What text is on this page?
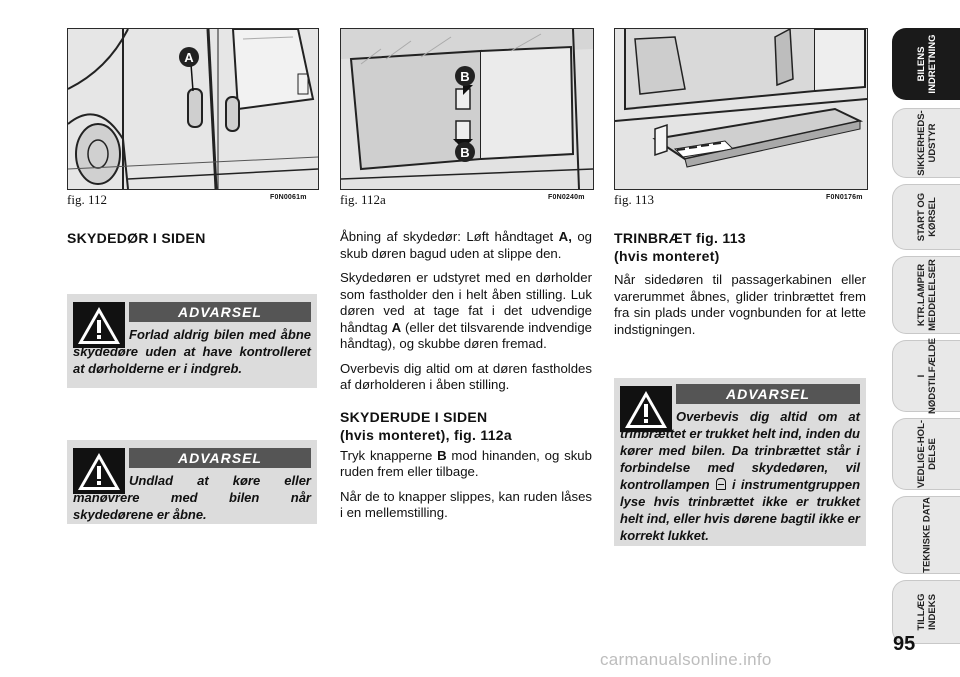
A
fig. 112	F0N0061m
B
B
fig. 112a	F0N0240m fig. 113	F0N0176m
SKYDEDØR I SIDEN
ADVARSEL
Forlad aldrig bilen med åbne skydedøre uden at have kontrolleret at dørholderne er i indgreb.
ADVARSEL
Undlad at køre eller manøvrere med bilen når skydedørene er åbne.

Åbning af skydedør: Løft håndtaget A, og skub døren bagud uden at slippe den.

Skydedøren er udstyret med en dørholder som fastholder den i helt åben stilling. Luk døren ved at tage fat i det udvendige håndtag A (eller det tilsvarende indvendige håndtag), og skubbe døren fremad.

Overbevis dig altid om at døren fastholdes af dørholderen i åben stilling.

SKYDERUDE I SIDEN
(hvis monteret), fig. 112a

Tryk knapperne B mod hinanden, og skub ruden frem eller tilbage.

Når de to knapper slippes, kan ruden låses i en mellemstilling.

TRINBRÆT fig. 113
(hvis monteret)
Når sidedøren til passagerkabinen eller varerummet åbnes, glider trinbrættet frem fra sin plads under vognbunden for at lette indstigningen.
ADVARSEL
Overbevis dig altid om at trinbrættet er trukket helt ind, inden du kører med bilen. Da trinbrættet står i forbindelse med skydedøren, vil kontrollampen
i instrumentgruppen lyse hvis trinbrættet ikke er trukket helt ind, eller hvis dørene bagtil ikke er korrekt lukket.
BILENS INDRETNING
SIKKERHEDS- UDSTYR
START OG KØRSEL
KTR.LAMPER MEDDELELSER
I NØDSTILFÆLDE
VEDLIGE-HOL- DELSE
TEKNISKE DATA
TILLÆG INDEKS
95
carmanualsonline.info
